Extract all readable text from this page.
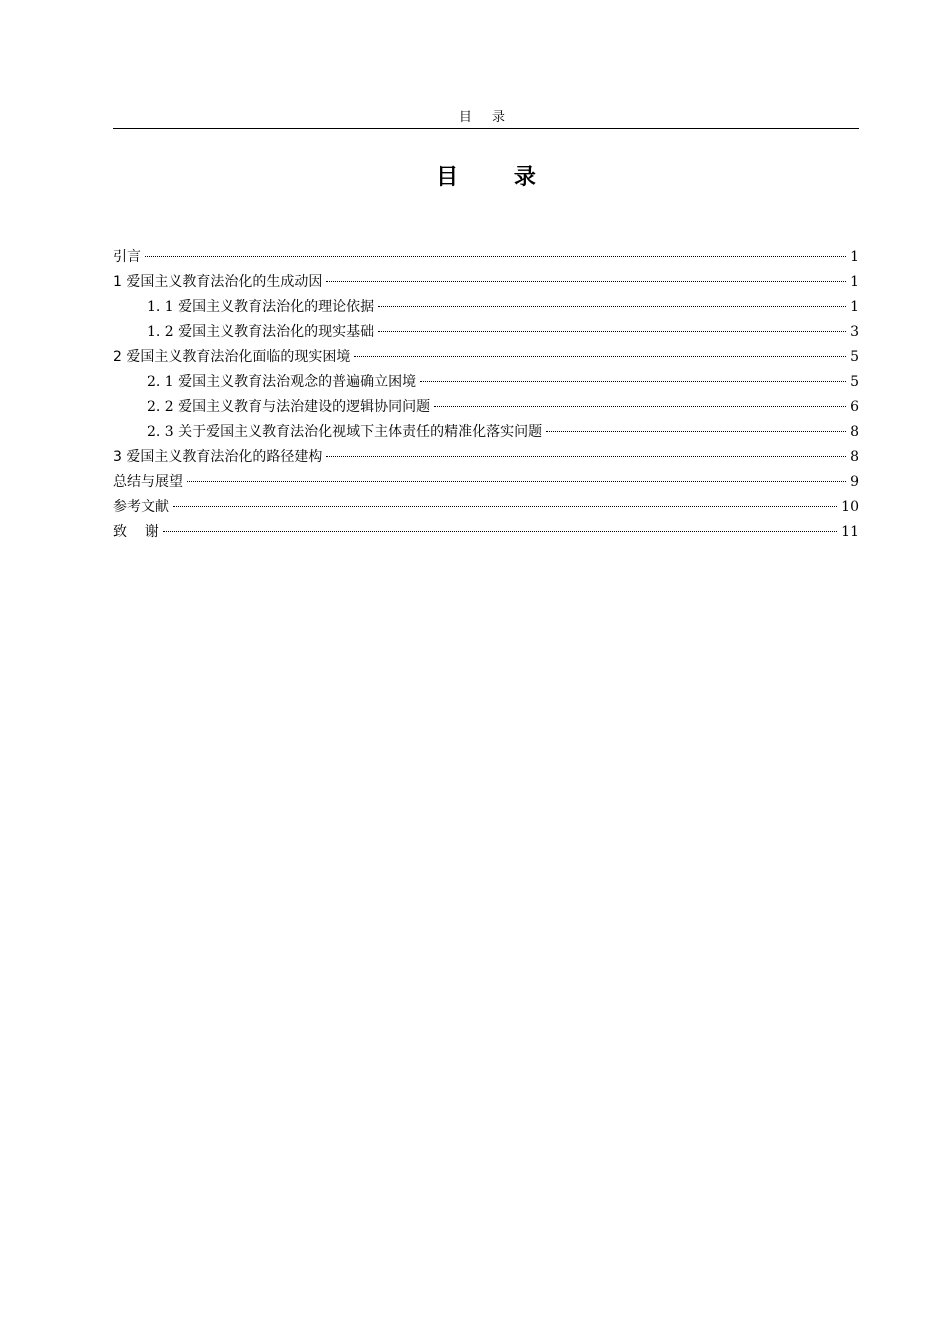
目 录
目 录
引言	1
1 爱国主义教育法治化的生成动因	1
1. 1 爱国主义教育法治化的理论依据	1
1. 2 爱国主义教育法治化的现实基础	3
2 爱国主义教育法治化面临的现实困境	5
2. 1 爱国主义教育法治观念的普遍确立困境	5
2. 2 爱国主义教育与法治建设的逻辑协同问题	6
2. 3 关于爱国主义教育法治化视域下主体责任的精准化落实问题	8
3 爱国主义教育法治化的路径建构	8
总结与展望	9
参考文献	10
致    谢	11
